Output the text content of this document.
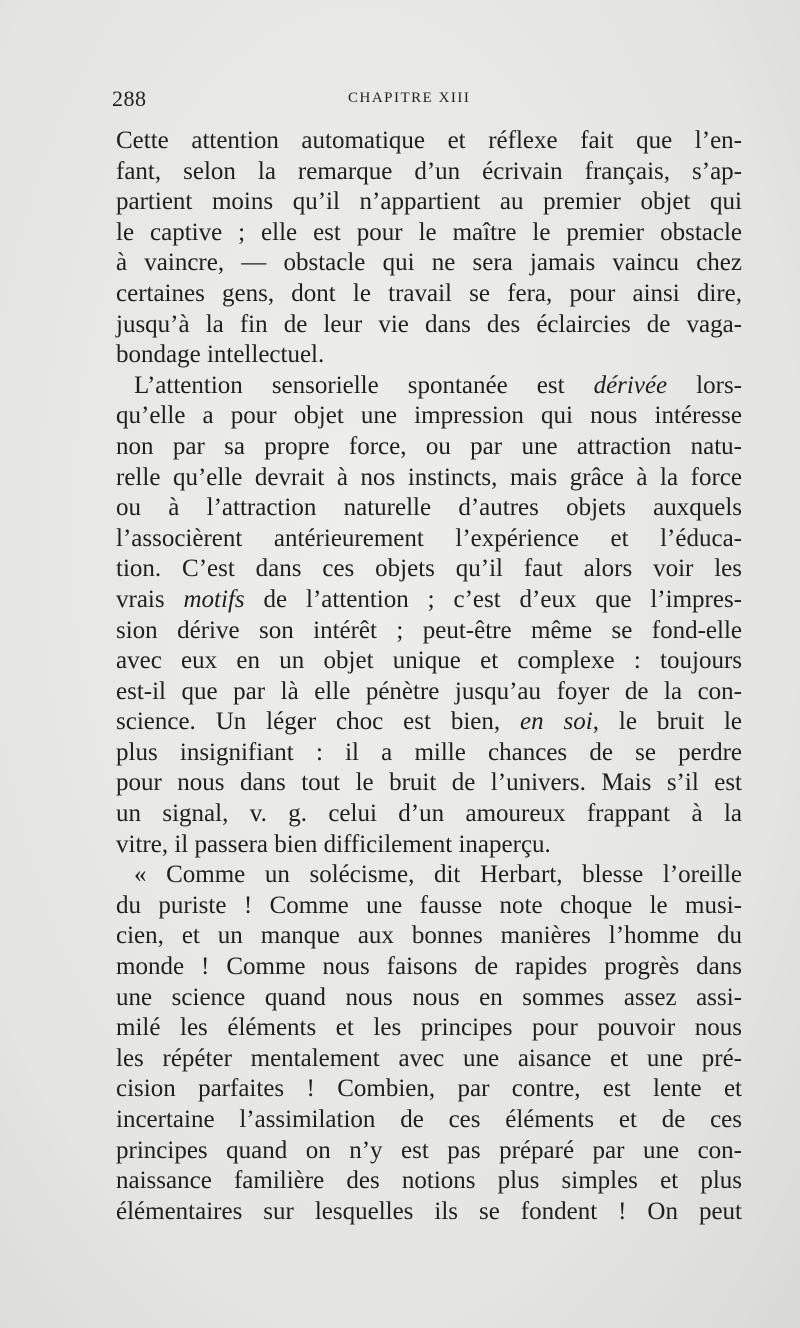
288	CHAPITRE XIII
Cette attention automatique et réflexe fait que l’en-
fant, selon la remarque d’un écrivain français, s’ap-
partient moins qu’il n’appartient au premier objet qui
le captive ; elle est pour le maître le premier obstacle
à vaincre, — obstacle qui ne sera jamais vaincu chez
certaines gens, dont le travail se fera, pour ainsi dire,
jusqu’à la fin de leur vie dans des éclaircies de vaga-
bondage intellectuel.
L’attention sensorielle spontanée est dérivée lors-
qu’elle a pour objet une impression qui nous intéresse
non par sa propre force, ou par une attraction natu-
relle qu’elle devrait à nos instincts, mais grâce à la force
ou à l’attraction naturelle d’autres objets auxquels
l’associèrent antérieurement l’expérience et l’éduca-
tion. C’est dans ces objets qu’il faut alors voir les
vrais motifs de l’attention ; c’est d’eux que l’impres-
sion dérive son intérêt ; peut-être même se fond-elle
avec eux en un objet unique et complexe : toujours
est-il que par là elle pénètre jusqu’au foyer de la con-
science. Un léger choc est bien, en soi, le bruit le
plus insignifiant : il a mille chances de se perdre
pour nous dans tout le bruit de l’univers. Mais s’il est
un signal, v. g. celui d’un amoureux frappant à la
vitre, il passera bien difficilement inaperçu.
« Comme un solécisme, dit Herbart, blesse l’oreille
du puriste ! Comme une fausse note choque le musi-
cien, et un manque aux bonnes manières l’homme du
monde ! Comme nous faisons de rapides progrès dans
une science quand nous nous en sommes assez assi-
milé les éléments et les principes pour pouvoir nous
les répéter mentalement avec une aisance et une pré-
cision parfaites ! Combien, par contre, est lente et
incertaine l’assimilation de ces éléments et de ces
principes quand on n’y est pas préparé par une con-
naissance familière des notions plus simples et plus
élémentaires sur lesquelles ils se fondent ! On peut
